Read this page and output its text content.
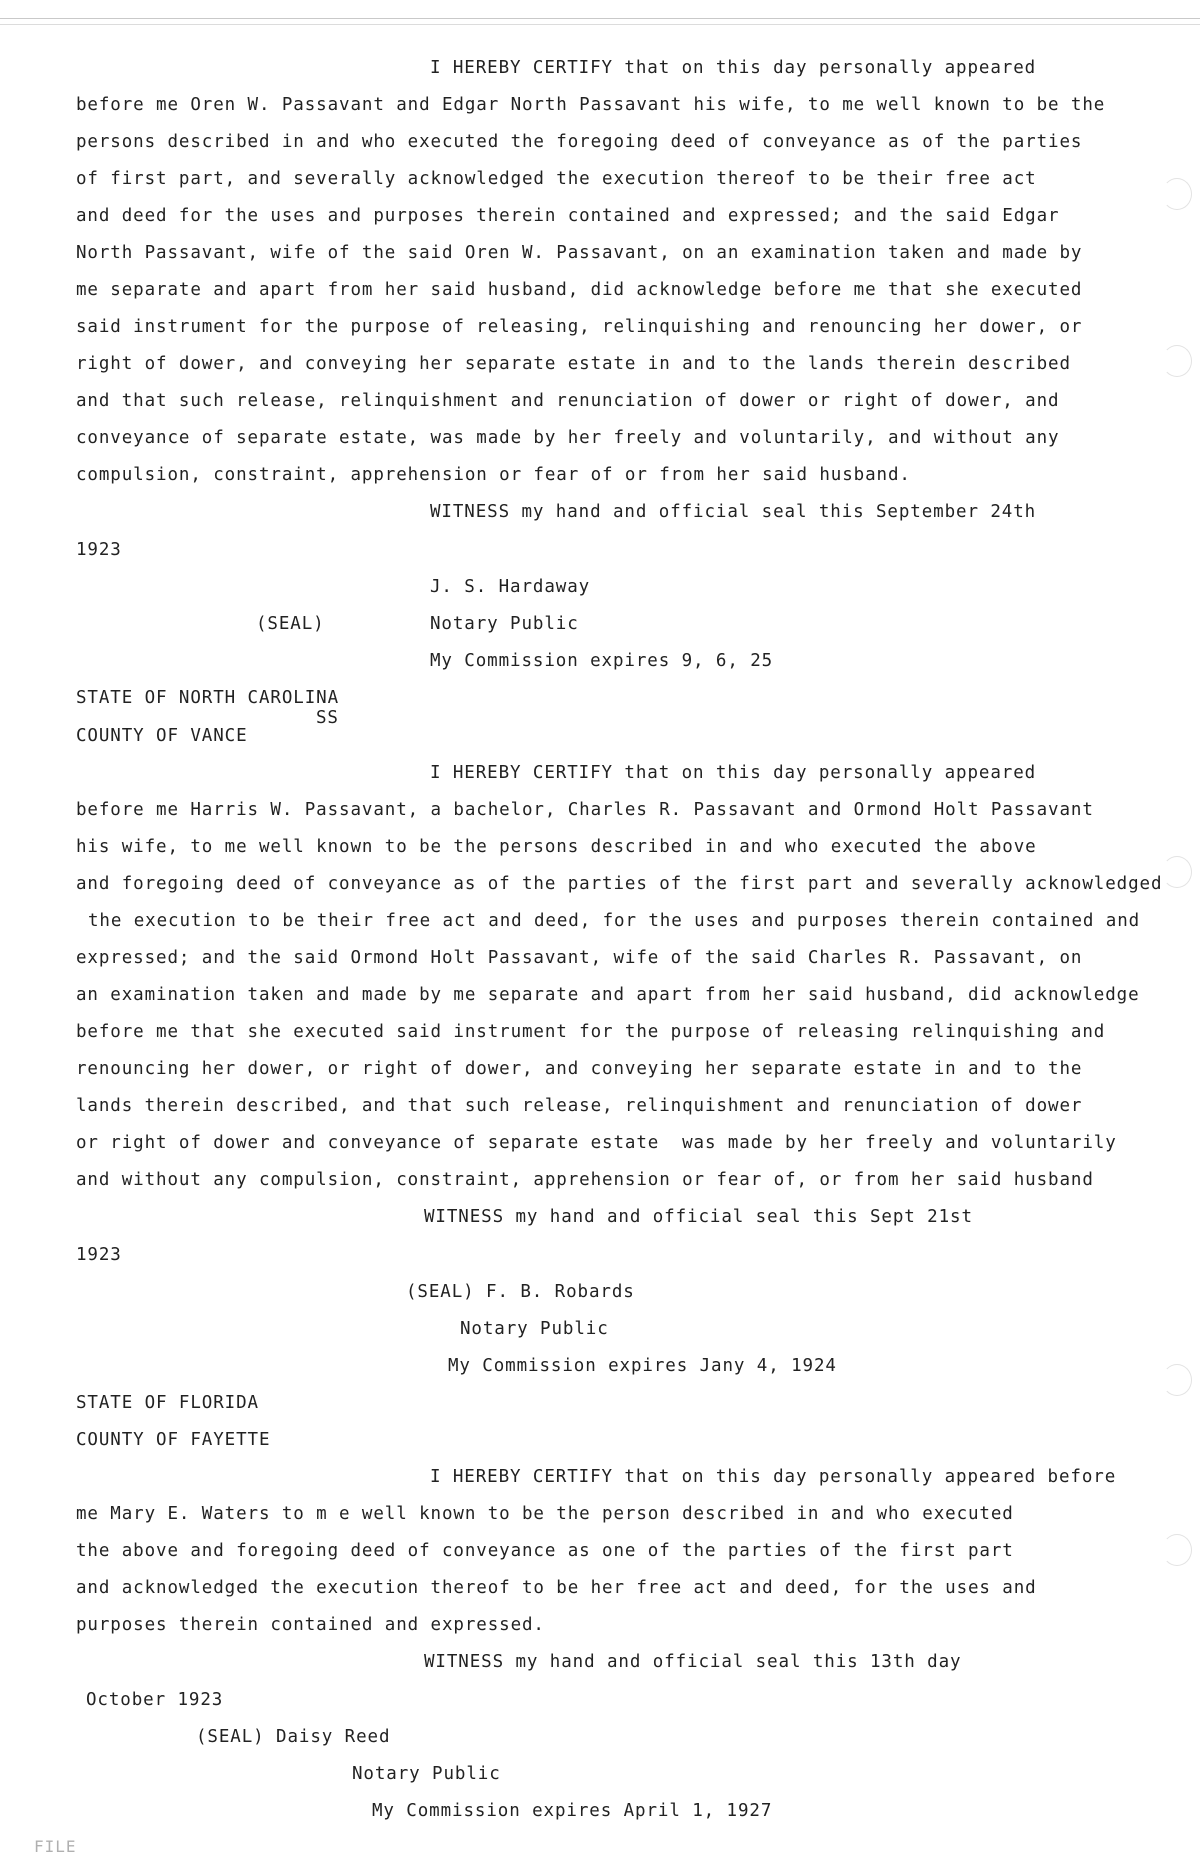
I HEREBY CERTIFY that on this day personally appeared
before me Oren W. Passavant and Edgar North Passavant his wife, to me well known to be the
persons described in and who executed the foregoing deed of conveyance as of the parties
of first part, and severally acknowledged the execution thereof to be their free act
and deed for the uses and purposes therein contained and expressed; and the said Edgar
North Passavant, wife of the said Oren W. Passavant, on an examination taken and made by
me separate and apart from her said husband, did acknowledge before me that she executed
said instrument for the purpose of releasing, relinquishing and renouncing her dower, or
right of dower, and conveying her separate estate in and to the lands therein described
and that such release, relinquishment and renunciation of dower or right of dower, and
conveyance of separate estate, was made by her freely and voluntarily, and without any
compulsion, constraint, apprehension or fear of or from her said husband.
WITNESS my hand and official seal this September 24th
1923
J. S. Hardaway
(SEAL)	Notary Public
My Commission expires 9, 6, 25
STATE OF NORTH CAROLINA
SS
COUNTY OF VANCE
I HEREBY CERTIFY that on this day personally appeared
before me Harris W. Passavant, a bachelor, Charles R. Passavant and Ormond Holt Passavant
his wife, to me well known to be the persons described in and who executed the above
and foregoing deed of conveyance as of the parties of the first part and severally acknowledged
the execution to be their free act and deed, for the uses and purposes therein contained and
expressed; and the said Ormond Holt Passavant, wife of the said Charles R. Passavant, on
an examination taken and made by me separate and apart from her said husband, did acknowledge
before me that she executed said instrument for the purpose of releasing relinquishing and
renouncing her dower, or right of dower, and conveying her separate estate in and to the
lands therein described, and that such release, relinquishment and renunciation of dower
or right of dower and conveyance of separate estate  was made by her freely and voluntarily
and without any compulsion, constraint, apprehension or fear of, or from her said husband
WITNESS my hand and official seal this Sept 21st
1923
(SEAL) F. B. Robards
Notary Public
My Commission expires Jany 4, 1924
STATE OF FLORIDA
COUNTY OF FAYETTE
I HEREBY CERTIFY that on this day personally appeared before
me Mary E. Waters to m e well known to be the person described in and who executed
the above and foregoing deed of conveyance as one of the parties of the first part
and acknowledged the execution thereof to be her free act and deed, for the uses and
purposes therein contained and expressed.
WITNESS my hand and official seal this 13th day
October 1923
(SEAL) Daisy Reed
Notary Public
My Commission expires April 1, 1927
FILE
